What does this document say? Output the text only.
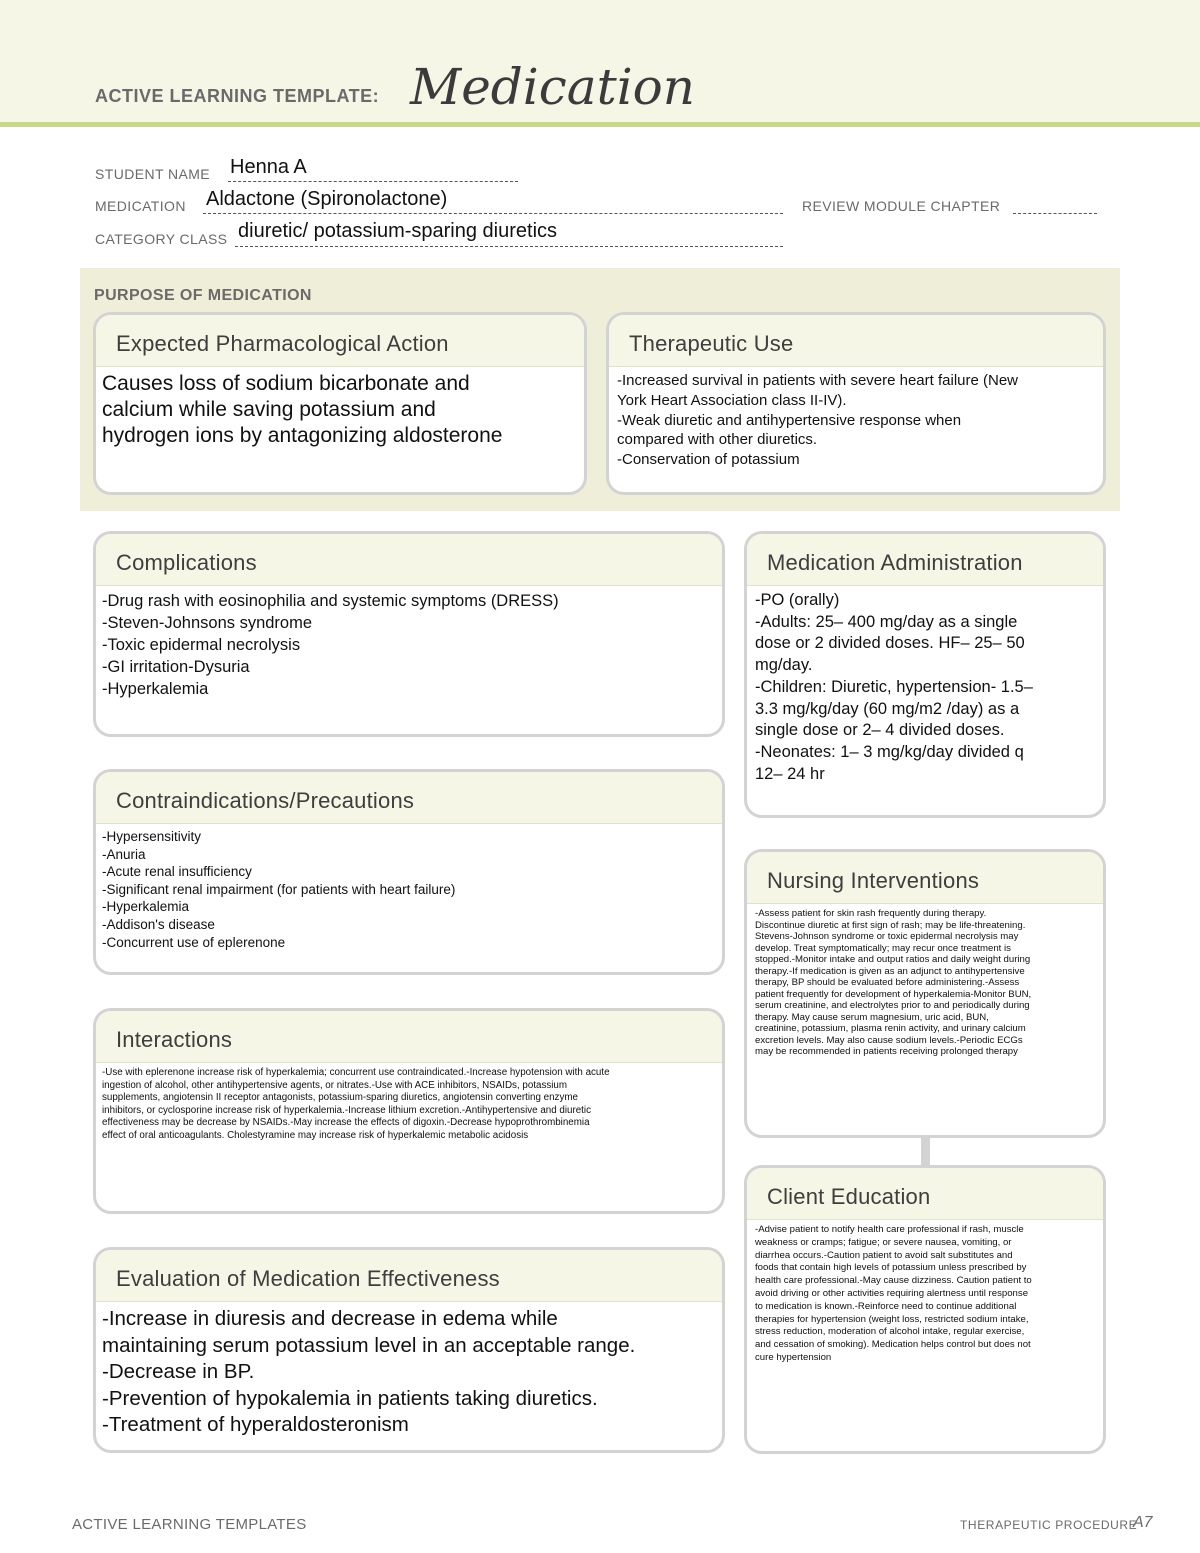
ACTIVE LEARNING TEMPLATE: Medication
STUDENT NAME Henna A
MEDICATION Aldactone (Spironolactone)	REVIEW MODULE CHAPTER
CATEGORY CLASS diuretic/ potassium-sparing diuretics
PURPOSE OF MEDICATION
Expected Pharmacological Action
Causes loss of sodium bicarbonate and
calcium while saving potassium and
hydrogen ions by antagonizing aldosterone
Therapeutic Use
-Increased survival in patients with severe heart failure (New
York Heart Association class II-IV).
-Weak diuretic and antihypertensive response when
compared with other diuretics.
-Conservation of potassium
Complications
-Drug rash with eosinophilia and systemic symptoms (DRESS)
-Steven-Johnsons syndrome
-Toxic epidermal necrolysis
-GI irritation-Dysuria
-Hyperkalemia
Medication Administration
-PO (orally)
-Adults: 25– 400 mg/day as a single
dose or 2 divided doses. HF– 25– 50
mg/day.
-Children: Diuretic, hypertension- 1.5–
3.3 mg/kg/day (60 mg/m2 /day) as a
single dose or 2– 4 divided doses.
-Neonates: 1– 3 mg/kg/day divided q
12– 24 hr
Contraindications/Precautions
-Hypersensitivity
-Anuria
-Acute renal insufficiency
-Significant renal impairment (for patients with heart failure)
-Hyperkalemia
-Addison's disease
-Concurrent use of eplerenone
Nursing Interventions
-Assess patient for skin rash frequently during therapy.
Discontinue diuretic at first sign of rash; may be life-threatening.
Stevens-Johnson syndrome or toxic epidermal necrolysis may
develop. Treat symptomatically; may recur once treatment is
stopped.-Monitor intake and output ratios and daily weight during
therapy.-If medication is given as an adjunct to antihypertensive
therapy, BP should be evaluated before administering.-Assess
patient frequently for development of hyperkalemia-Monitor BUN,
serum creatinine, and electrolytes prior to and periodically during
therapy. May cause serum magnesium, uric acid, BUN,
creatinine, potassium, plasma renin activity, and urinary calcium
excretion levels. May also cause sodium levels.-Periodic ECGs
may be recommended in patients receiving prolonged therapy
Interactions
-Use with eplerenone increase risk of hyperkalemia; concurrent use contraindicated.-Increase hypotension with acute
ingestion of alcohol, other antihypertensive agents, or nitrates.-Use with ACE inhibitors, NSAIDs, potassium
supplements, angiotensin II receptor antagonists, potassium-sparing diuretics, angiotensin converting enzyme
inhibitors, or cyclosporine increase risk of hyperkalemia.-Increase lithium excretion.-Antihypertensive and diuretic
effectiveness may be decrease by NSAIDs.-May increase the effects of digoxin.-Decrease hypoprothrombinemia
effect of oral anticoagulants. Cholestyramine may increase risk of hyperkalemic metabolic acidosis
Client Education
-Advise patient to notify health care professional if rash, muscle
weakness or cramps; fatigue; or severe nausea, vomiting, or
diarrhea occurs.-Caution patient to avoid salt substitutes and
foods that contain high levels of potassium unless prescribed by
health care professional.-May cause dizziness. Caution patient to
avoid driving or other activities requiring alertness until response
to medication is known.-Reinforce need to continue additional
therapies for hypertension (weight loss, restricted sodium intake,
stress reduction, moderation of alcohol intake, regular exercise,
and cessation of smoking). Medication helps control but does not
cure hypertension
Evaluation of Medication Effectiveness
-Increase in diuresis and decrease in edema while
maintaining serum potassium level in an acceptable range.
-Decrease in BP.
-Prevention of hypokalemia in patients taking diuretics.
-Treatment of hyperaldosteronism
ACTIVE LEARNING TEMPLATES	THERAPEUTIC PROCEDURE
A7
